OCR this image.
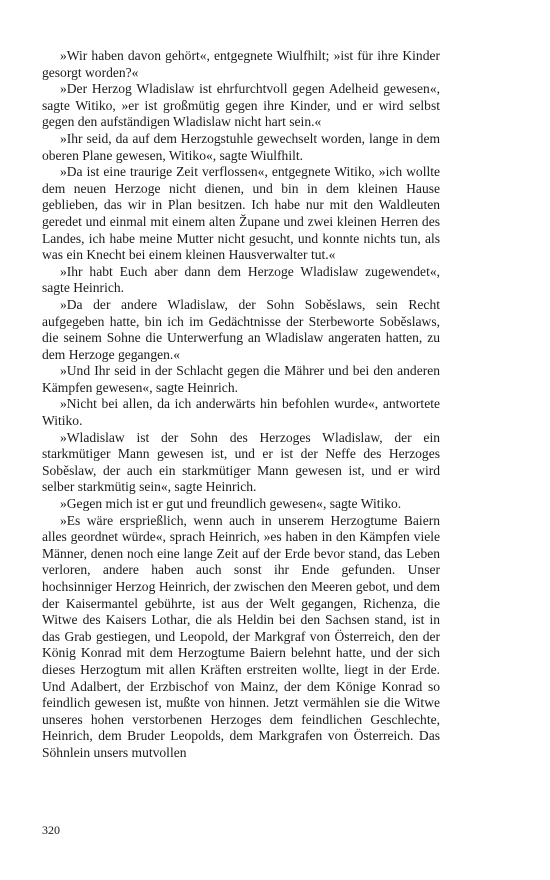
»Wir haben davon gehört«, entgegnete Wiulfhilt; »ist für ihre Kinder gesorgt worden?«

»Der Herzog Wladislaw ist ehrfurchtvoll gegen Adelheid gewesen«, sagte Witiko, »er ist großmütig gegen ihre Kinder, und er wird selbst gegen den aufständigen Wladislaw nicht hart sein.«

»Ihr seid, da auf dem Herzogstuhle gewechselt worden, lange in dem oberen Plane gewesen, Witiko«, sagte Wiulfhilt.

»Da ist eine traurige Zeit verflossen«, entgegnete Witiko, »ich wollte dem neuen Herzoge nicht dienen, und bin in dem kleinen Hause geblieben, das wir in Plan besitzen. Ich habe nur mit den Waldleuten geredet und einmal mit einem alten Župane und zwei kleinen Herren des Landes, ich habe meine Mutter nicht gesucht, und konnte nichts tun, als was ein Knecht bei einem kleinen Hausverwalter tut.«

»Ihr habt Euch aber dann dem Herzoge Wladislaw zugewendet«, sagte Heinrich.

»Da der andere Wladislaw, der Sohn Soběslaws, sein Recht aufgegeben hatte, bin ich im Gedächtnisse der Sterbeworte Soběslaws, die seinem Sohne die Unterwerfung an Wladislaw angeraten hatten, zu dem Herzoge gegangen.«

»Und Ihr seid in der Schlacht gegen die Mährer und bei den anderen Kämpfen gewesen«, sagte Heinrich.

»Nicht bei allen, da ich anderwärts hin befohlen wurde«, antwortete Witiko.

»Wladislaw ist der Sohn des Herzoges Wladislaw, der ein starkmütiger Mann gewesen ist, und er ist der Neffe des Herzoges Soběslaw, der auch ein starkmütiger Mann gewesen ist, und er wird selber starkmütig sein«, sagte Heinrich.

»Gegen mich ist er gut und freundlich gewesen«, sagte Witiko.

»Es wäre ersprießlich, wenn auch in unserem Herzogtume Baiern alles geordnet würde«, sprach Heinrich, »es haben in den Kämpfen viele Männer, denen noch eine lange Zeit auf der Erde bevor stand, das Leben verloren, andere haben auch sonst ihr Ende gefunden. Unser hochsinniger Herzog Heinrich, der zwischen den Meeren gebot, und dem der Kaisermantel gebührte, ist aus der Welt gegangen, Richenza, die Witwe des Kaisers Lothar, die als Heldin bei den Sachsen stand, ist in das Grab gestiegen, und Leopold, der Markgraf von Österreich, den der König Konrad mit dem Herzogtume Baiern belehnt hatte, und der sich dieses Herzogtum mit allen Kräften erstreiten wollte, liegt in der Erde. Und Adalbert, der Erzbischof von Mainz, der dem Könige Konrad so feindlich gewesen ist, mußte von hinnen. Jetzt vermählen sie die Witwe unseres hohen verstorbenen Herzoges dem feindlichen Geschlechte, Heinrich, dem Bruder Leopolds, dem Markgrafen von Österreich. Das Söhnlein unsers mutvollen

320
